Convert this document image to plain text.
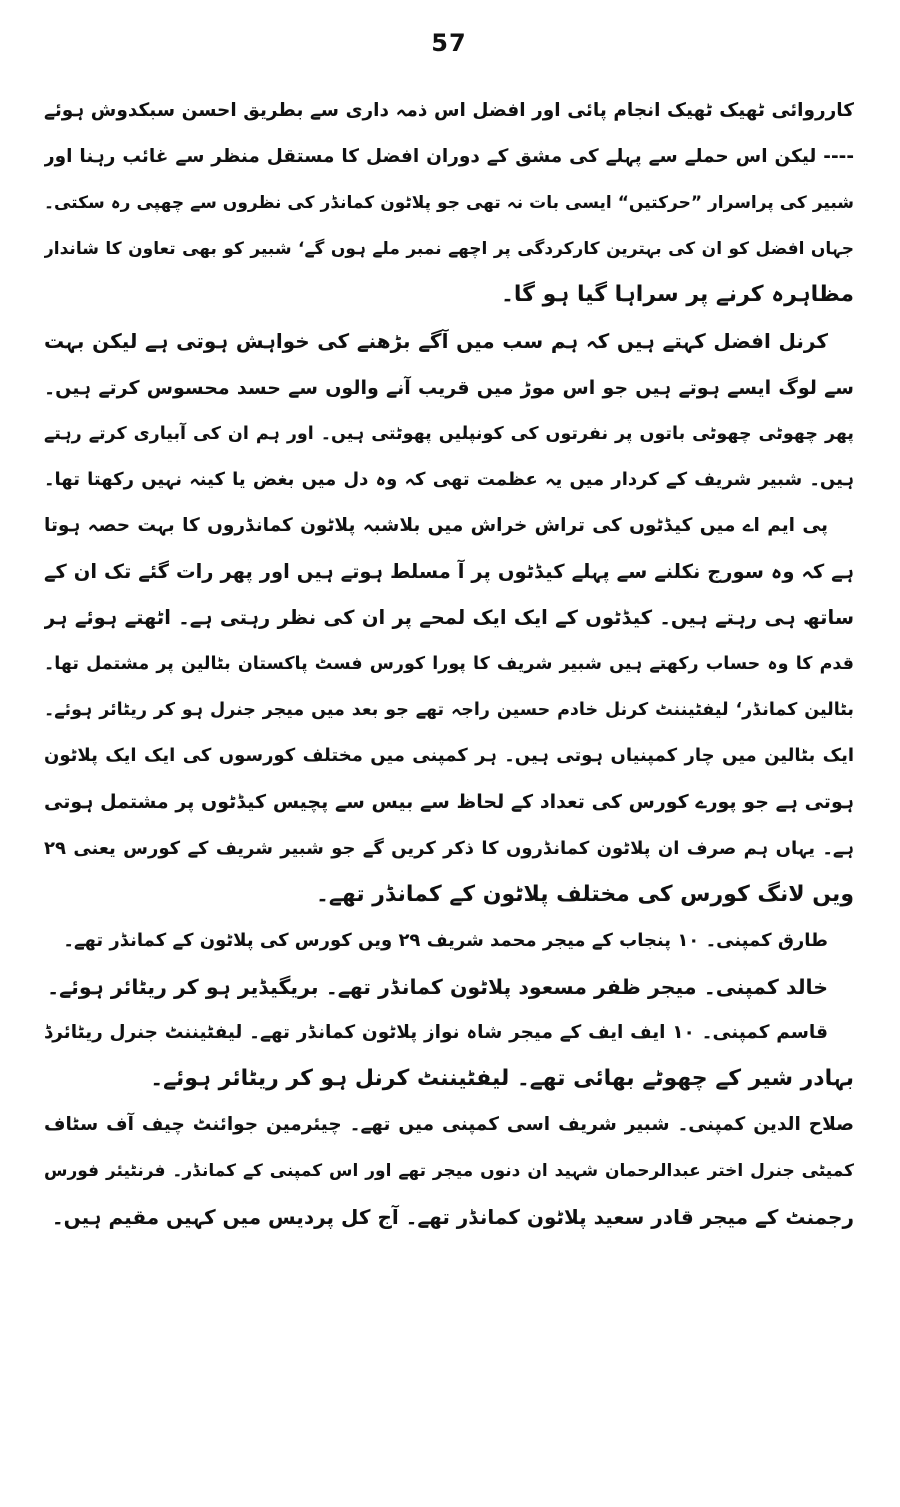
57
کارروائی ٹھیک ٹھیک انجام پائی اور افضل اس ذمہ داری سے بطریق احسن سبکدوش ہوئے
---- لیکن اس حملے سے پہلے کی مشق کے دوران افضل کا مستقل منظر سے غائب رہنا اور
شبیر کی پراسرار ”حرکتیں“ ایسی بات نہ تھی جو پلاٹون کمانڈر کی نظروں سے چھپی رہ سکتی۔
جہاں افضل کو ان کی بہترین کارکردگی پر اچھے نمبر ملے ہوں گے‘ شبیر کو بھی تعاون کا شاندار
مظاہرہ کرنے پر سراہا گیا ہو گا۔
کرنل افضل کہتے ہیں کہ ہم سب میں آگے بڑھنے کی خواہش ہوتی ہے لیکن بہت
سے لوگ ایسے ہوتے ہیں جو اس موڑ میں قریب آنے والوں سے حسد محسوس کرتے ہیں۔
پھر چھوٹی چھوٹی باتوں پر نفرتوں کی کونپلیں پھوٹتی ہیں۔ اور ہم ان کی آبیاری کرتے رہتے
ہیں۔ شبیر شریف کے کردار میں یہ عظمت تھی کہ وہ دل میں بغض یا کینہ نہیں رکھتا تھا۔
پی ایم اے میں کیڈٹوں کی تراش خراش میں بلاشبہ پلاٹون کمانڈروں کا بہت حصہ ہوتا
ہے کہ وہ سورج نکلنے سے پہلے کیڈٹوں پر آ مسلط ہوتے ہیں اور پھر رات گئے تک ان کے
ساتھ ہی رہتے ہیں۔ کیڈٹوں کے ایک ایک لمحے پر ان کی نظر رہتی ہے۔ اٹھتے ہوئے ہر
قدم کا وہ حساب رکھتے ہیں شبیر شریف کا پورا کورس فسٹ پاکستان بٹالین پر مشتمل تھا۔
بٹالین کمانڈر‘ لیفٹیننٹ کرنل خادم حسین راجہ تھے جو بعد میں میجر جنرل ہو کر ریٹائر ہوئے۔
ایک بٹالین میں چار کمپنیاں ہوتی ہیں۔ ہر کمپنی میں مختلف کورسوں کی ایک ایک پلاٹون
ہوتی ہے جو پورے کورس کی تعداد کے لحاظ سے بیس سے پچیس کیڈٹوں پر مشتمل ہوتی
ہے۔ یہاں ہم صرف ان پلاٹون کمانڈروں کا ذکر کریں گے جو شبیر شریف کے کورس یعنی ۲۹
ویں لانگ کورس کی مختلف پلاٹون کے کمانڈر تھے۔
طارق کمپنی۔ ۱۰ پنجاب کے میجر محمد شریف ۲۹ ویں کورس کی پلاٹون کے کمانڈر تھے۔
خالد کمپنی۔ میجر ظفر مسعود پلاٹون کمانڈر تھے۔ بریگیڈیر ہو کر ریٹائر ہوئے۔
قاسم کمپنی۔ ۱۰ ایف ایف کے میجر شاہ نواز پلاٹون کمانڈر تھے۔ لیفٹیننٹ جنرل ریٹائرڈ
بہادر شیر کے چھوٹے بھائی تھے۔ لیفٹیننٹ کرنل ہو کر ریٹائر ہوئے۔
صلاح الدین کمپنی۔ شبیر شریف اسی کمپنی میں تھے۔ چیئرمین جوائنٹ چیف آف سٹاف
کمیٹی جنرل اختر عبدالرحمان شہید ان دنوں میجر تھے اور اس کمپنی کے کمانڈر۔ فرنٹیئر فورس
رجمنٹ کے میجر قادر سعید پلاٹون کمانڈر تھے۔ آج کل پردیس میں کہیں مقیم ہیں۔
